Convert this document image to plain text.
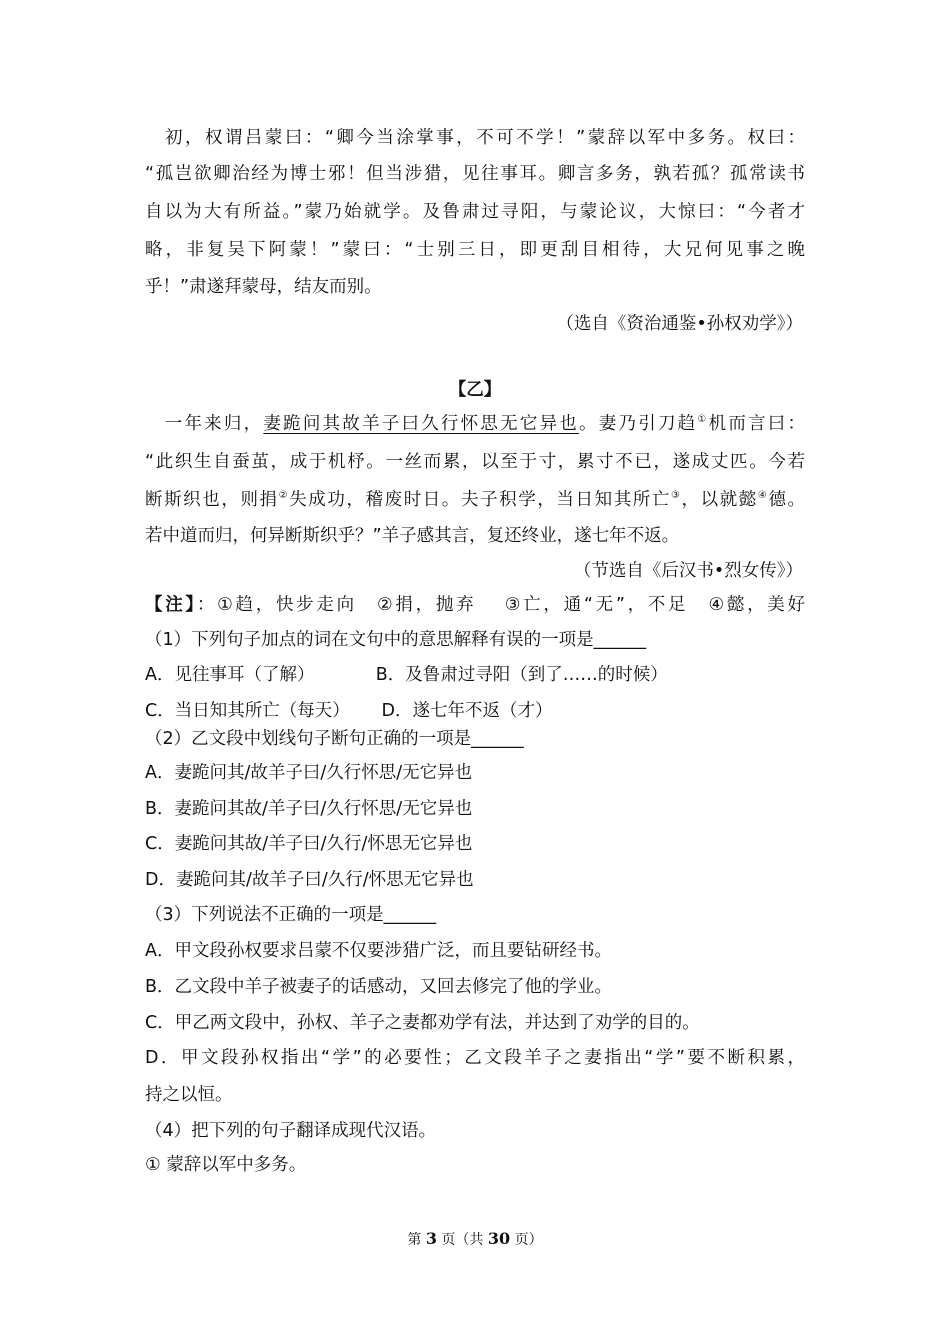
　初，权谓吕蒙曰：“卿今当涂掌事，不可不学！”蒙辞以军中多务。权曰：
“孤岂欲卿治经为博士邪！但当涉猎，见往事耳。卿言多务，孰若孤？孤常读书
自以为大有所益。”蒙乃始就学。及鲁肃过寻阳，与蒙论议，大惊曰：“今者才
略，非复吴下阿蒙！”蒙曰：“士别三日，即更刮目相待，大兄何见事之晚
乎！”肃遂拜蒙母，结友而别。
（选自《资治通鉴•孙权劝学》）
【乙】
　一年来归，妻跪问其故羊子曰久行怀思无它异也。妻乃引刀趋①机而言曰：
“此织生自蚕茧，成于机杼。一丝而累，以至于寸，累寸不已，遂成丈匹。今若
断斯织也，则捐②失成功，稽废时日。夫子积学，当日知其所亡③，以就懿④德。
若中道而归，何异断斯织乎？”羊子感其言，复还终业，遂七年不返。
（节选自《后汉书•烈女传》）
【注】：①趋，快步走向　②捐，抛弃　 ③亡，通“无”，不足　④懿，美好
（1）下列句子加点的词在文句中的意思解释有误的一项是______
A．见往事耳（了解）　　　　B．及鲁肃过寻阳（到了……的时候）
C．当日知其所亡（每天）　　 D．遂七年不返（才）
（2）乙文段中划线句子断句正确的一项是______
A．妻跪问其/故羊子曰/久行怀思/无它异也
B．妻跪问其故/羊子曰/久行怀思/无它异也
C．妻跪问其故/羊子曰/久行/怀思无它异也
D．妻跪问其/故羊子曰/久行/怀思无它异也
（3）下列说法不正确的一项是______
A．甲文段孙权要求吕蒙不仅要涉猎广泛，而且要钻研经书。
B．乙文段中羊子被妻子的话感动，又回去修完了他的学业。
C．甲乙两文段中，孙权、羊子之妻都劝学有法，并达到了劝学的目的。
D．甲文段孙权指出“学”的必要性；乙文段羊子之妻指出“学”要不断积累，
持之以恒。
（4）把下列的句子翻译成现代汉语。
① 蒙辞以军中多务。
第 3 页（共 30 页）
